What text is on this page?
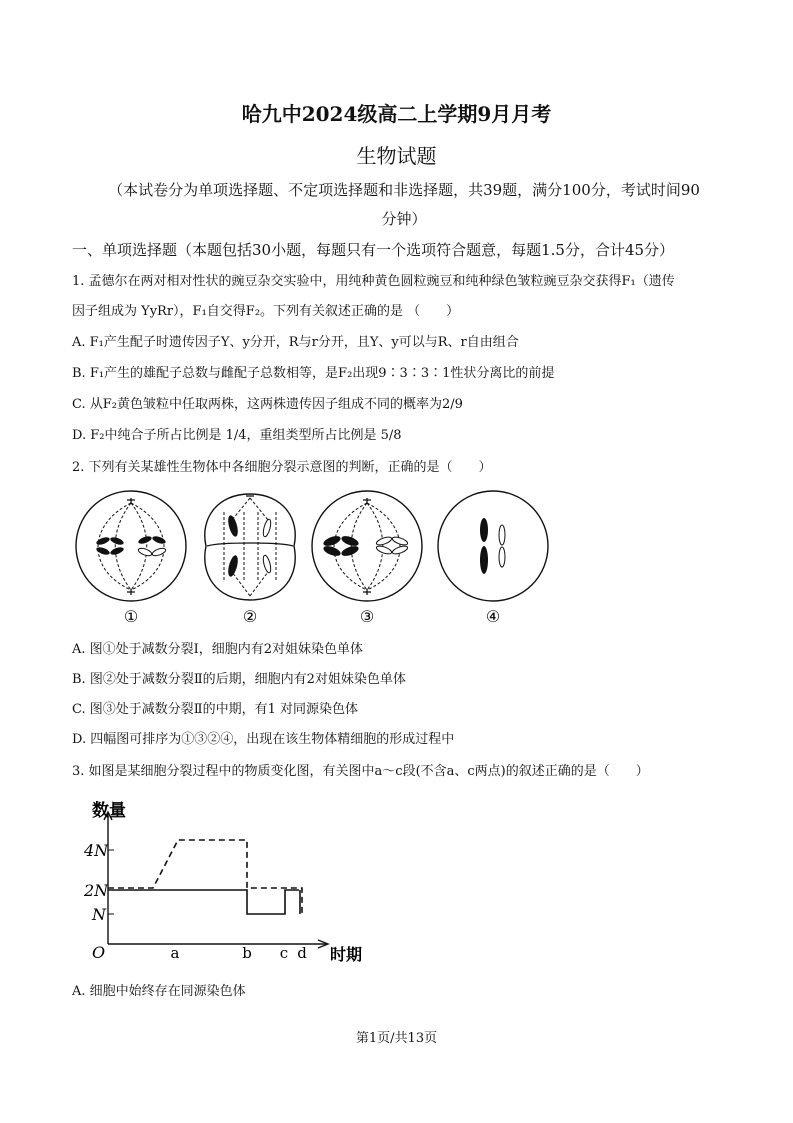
哈九中2024级高二上学期9月月考
生物试题
（本试卷分为单项选择题、不定项选择题和非选择题，共39题，满分100分，考试时间90
分钟）
一、单项选择题（本题包括30小题，每题只有一个选项符合题意，每题1.5分，合计45分）
1. 孟德尔在两对相对性状的豌豆杂交实验中，用纯种黄色圆粒豌豆和纯种绿色皱粒豌豆杂交获得F₁（遗传
因子组成为 YyRr），F₁自交得F₂。下列有关叙述正确的是 （　　）
A. F₁产生配子时遗传因子Y、y分开，R与r分开，且Y、y可以与R、r自由组合
B. F₁产生的雄配子总数与雌配子总数相等，是F₂出现9∶3∶3∶1性状分离比的前提
C. 从F₂黄色皱粒中任取两株，这两株遗传因子组成不同的概率为2/9
D. F₂中纯合子所占比例是 1/4，重组类型所占比例是 5/8
2. 下列有关某雄性生物体中各细胞分裂示意图的判断，正确的是（　　）
①	②	③	④
A. 图①处于减数分裂Ⅰ，细胞内有2对姐妹染色单体
B. 图②处于减数分裂Ⅱ的后期，细胞内有2对姐妹染色单体
C. 图③处于减数分裂Ⅱ的中期，有1 对同源染色体
D. 四幅图可排序为①③②④，出现在该生物体精细胞的形成过程中
3. 如图是某细胞分裂过程中的物质变化图，有关图中a～c段(不含a、c两点)的叙述正确的是（　　）
数量
时期
O
4N
2N
N
a	b c d
A. 细胞中始终存在同源染色体
第1页/共13页
